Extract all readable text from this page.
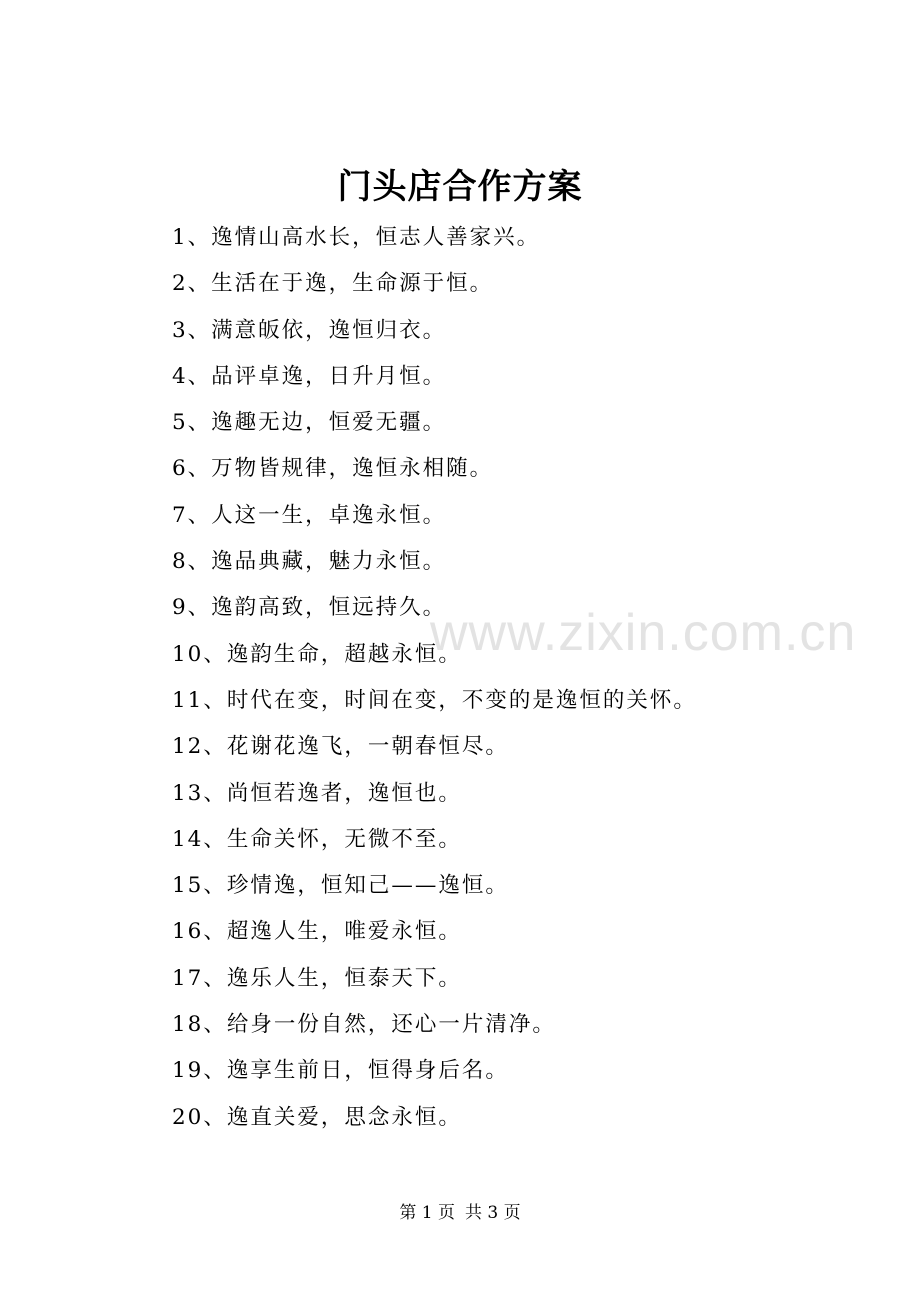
门头店合作方案
1、逸情山高水长，恒志人善家兴。
2、生活在于逸，生命源于恒。
3、满意皈依，逸恒归衣。
4、品评卓逸，日升月恒。
5、逸趣无边，恒爱无疆。
6、万物皆规律，逸恒永相随。
7、人这一生，卓逸永恒。
8、逸品典藏，魅力永恒。
9、逸韵高致，恒远持久。
10、逸韵生命，超越永恒。
11、时代在变，时间在变，不变的是逸恒的关怀。
12、花谢花逸飞，一朝春恒尽。
13、尚恒若逸者，逸恒也。
14、生命关怀，无微不至。
15、珍情逸，恒知己——逸恒。
16、超逸人生，唯爱永恒。
17、逸乐人生，恒泰天下。
18、给身一份自然，还心一片清净。
19、逸享生前日，恒得身后名。
20、逸直关爱，思念永恒。
www.zixin.com.cn
第 1 页 共 3 页
